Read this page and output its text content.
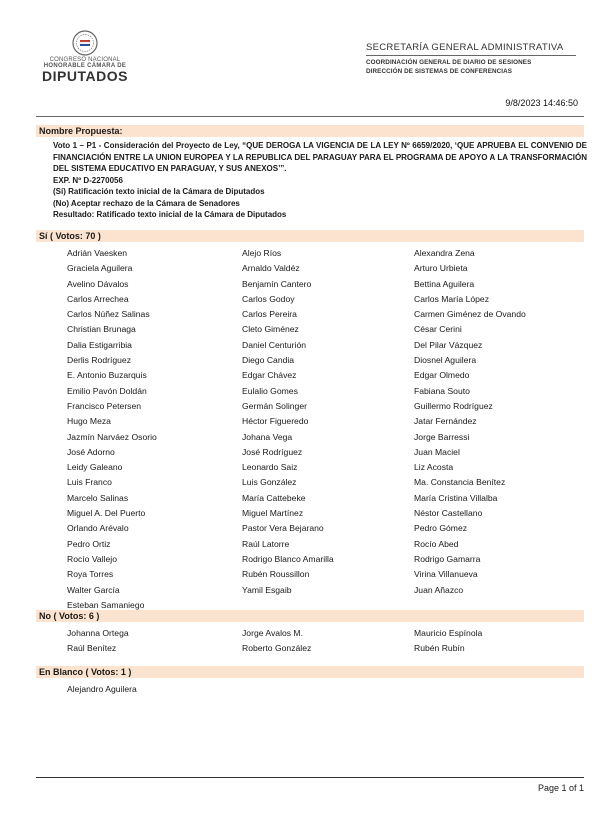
CONGRESO NACIONAL
HONORABLE CÁMARA DE
DIPUTADOS
SECRETARÍA GENERAL ADMINISTRATIVA
COORDINACIÓN GENERAL DE DIARIO DE SESIONES
DIRECCIÓN DE SISTEMAS DE CONFERENCIAS
9/8/2023 14:46:50
Nombre Propuesta:
Voto 1 – P1 - Consideración del Proyecto de Ley, “QUE DEROGA LA VIGENCIA DE LA LEY Nº 6659/2020, ‘QUE APRUEBA EL CONVENIO DE FINANCIACIÓN ENTRE LA UNION EUROPEA Y LA REPUBLICA DEL PARAGUAY PARA EL PROGRAMA DE APOYO A LA TRANSFORMACIÓN DEL SISTEMA EDUCATIVO EN PARAGUAY, Y SUS ANEXOS’”.
EXP. Nº D-2270056
(Sí) Ratificación texto inicial de la Cámara de Diputados
(No) Aceptar rechazo de la Cámara de Senadores
Resultado: Ratificado texto inicial de la Cámara de Diputados
Sí ( Votos: 70 )
Adrián Vaesken
Graciela Aguilera
Avelino Dávalos
Carlos Arrechea
Carlos Núñez Salinas
Christian Brunaga
Dalia Estigarribia
Derlis Rodríguez
E. Antonio Buzarquis
Emilio Pavón Doldán
Francisco Petersen
Hugo Meza
Jazmín Narváez Osorio
José Adorno
Leidy Galeano
Luis Franco
Marcelo Salinas
Miguel A. Del Puerto
Orlando Arévalo
Pedro Ortiz
Rocío Vallejo
Roya Torres
Walter García
Esteban Samaniego
Alejo Ríos
Arnaldo Valdéz
Benjamín Cantero
Carlos Godoy
Carlos Pereira
Cleto Giménez
Daniel Centurión
Diego Candia
Edgar Chávez
Eulalio Gomes
Germán Solinger
Héctor Figueredo
Johana Vega
José Rodríguez
Leonardo Saiz
Luis González
María Cattebeke
Miguel Martínez
Pastor Vera Bejarano
Raúl Latorre
Rodrigo Blanco Amarilla
Rubén Roussillon
Yamil Esgaib
Alexandra Zena
Arturo Urbieta
Bettina Aguilera
Carlos María López
Carmen Giménez de Ovando
César Cerini
Del Pilar Vázquez
Diosnel Aguilera
Edgar Olmedo
Fabiana Souto
Guillermo Rodríguez
Jatar Fernández
Jorge Barressi
Juan Maciel
Liz Acosta
Ma. Constancia Benítez
María Cristina Villalba
Néstor Castellano
Pedro Gómez
Rocío Abed
Rodrigo Gamarra
Virina Villanueva
Juan Añazco
No ( Votos: 6 )
Johanna Ortega
Raúl Benítez
Jorge Avalos M.
Roberto González
Mauricio Espínola
Rubén Rubín
En Blanco ( Votos: 1 )
Alejandro Aguilera
Page 1 of 1
